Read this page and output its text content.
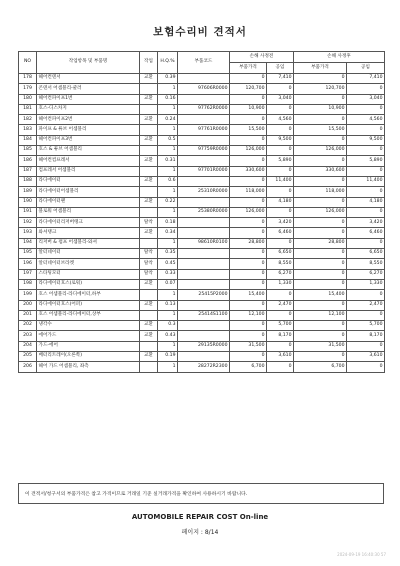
보험수리비 견적서
NO	작업항목 및 부품명	작업	H.Q.%	부품코드	손해 사정전		손해 사정후	
					부품가격	공임	부품가격	공임
178	헤어컨덴서	교환	0.39		0	7,410	0	7,410
179	콘덴서 어셈블리-쿨러		1	97606R0000	120,700	0	120,700	0
180	헤어컨파이프1번	교환	0.16		0	3,040	0	3,040
181	호스-디스차지		1	97762R0000	10,900	0	10,900	0
182	헤어컨파이프2번	교환	0.24		0	4,560	0	4,560
183	파이프 & 튜브 어셈블리		1	97761R0000	15,500	0	15,500	0
184	헤어컨파이프3번	교환	0.5		0	9,500	0	9,500
185	호스 & 튜브 어셈블리		1	97759R0000	126,000	0	126,000	0
186	헤어컨컴프레서	교환	0.31		0	5,890	0	5,890
187	컴프레서 어셈블리		1	97701R0000	330,600	0	330,600	0
188	라디에이터	교환	0.6		0	11,400	0	11,400
189	라디에이터어셈블리		1	25310R0000	118,000	0	118,000	0
190	라디에이터팬	교환	0.22		0	4,180	0	4,180
191	블로워 어셈블리		1	25380R0000	126,000	0	126,000	0
192	라디에이터리저버탱크	탈착	0.18		0	3,420	0	3,420
193	와셔탱크	교환	0.34		0	6,460	0	6,460
194	리저버 & 펌프 어셈블리-와셔		1	98610R0100	28,800	0	28,800	0
195	알터네이터	탈착	0.35		0	6,650	0	6,650
196	알터네이터브라켓	탈착	0.45		0	8,550	0	8,550
197	스타팅모터	탈착	0.33		0	6,270	0	6,270
198	라디에이터호스(로워)	교환	0.07		0	1,330	0	1,330
199	호스 어셈블리-라디에이터,하부		1	25415P2000	15,400	0	15,400	0
200	라디에이터호스(어퍼)	교환	0.13		0	2,470	0	2,470
201	호스 어셈블리-라디에이터,상부		1	25414S1100	12,100	0	12,100	0
202	냉각수	교환	0.3		0	5,700	0	5,700
203	에어가드	교환	0.43		0	8,170	0	8,170
204	가드-에어		1	29135R0000	31,500	0	31,500	0
205	배터리트레이(오른쪽)	교환	0.19		0	3,610	0	3,610
206	헤어 가드 어셈블리, 좌측		1	28272R2300	6,700	0	6,700	0
이 견적서/청구서의 부품가격은 참고 가격이므로 거래일 기준 실거래가격을 확인하여 사용하시기 바랍니다.
AUTOMOBILE REPAIR COST On-line
페이지 : 8/14
2024-09-19 16:40:30 57
